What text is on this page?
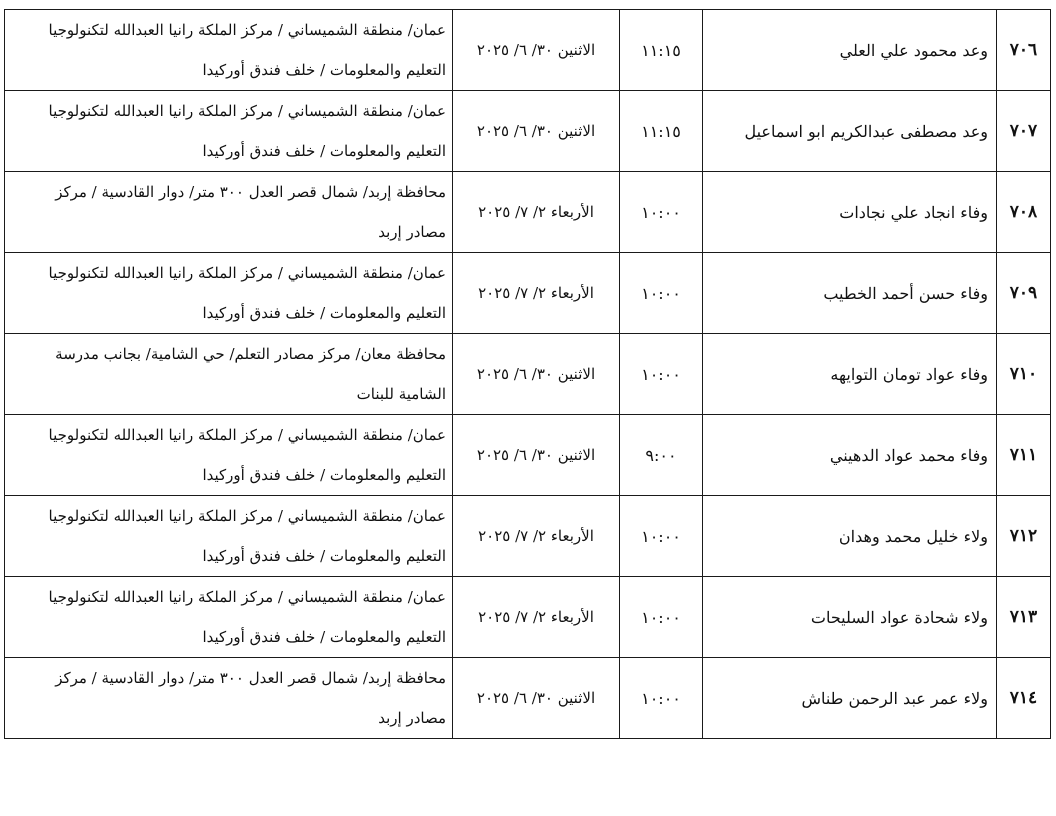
٧٠٦	وعد محمود علي العلي	١١:١٥	الاثنين ٣٠/ ٦/ ٢٠٢٥	عمان/ منطقة الشميساني / مركز الملكة رانيا العبدالله لتكنولوجيا
التعليم والمعلومات / خلف فندق أوركيدا

٧٠٧	وعد مصطفى عبدالكريم ابو اسماعيل	١١:١٥	الاثنين ٣٠/ ٦/ ٢٠٢٥	عمان/ منطقة الشميساني / مركز الملكة رانيا العبدالله لتكنولوجيا
التعليم والمعلومات / خلف فندق أوركيدا

٧٠٨	وفاء انجاد علي نجادات	١٠:٠٠	الأربعاء ٢/ ٧/ ٢٠٢٥	محافظة إربد/ شمال قصر العدل ٣٠٠ متر/ دوار القادسية / مركز
مصادر إربد

٧٠٩	وفاء حسن أحمد الخطيب	١٠:٠٠	الأربعاء ٢/ ٧/ ٢٠٢٥	عمان/ منطقة الشميساني / مركز الملكة رانيا العبدالله لتكنولوجيا
التعليم والمعلومات / خلف فندق أوركيدا

٧١٠	وفاء عواد تومان التوايهه	١٠:٠٠	الاثنين ٣٠/ ٦/ ٢٠٢٥	محافظة معان/ مركز مصادر التعلم/ حي الشامية/ بجانب مدرسة
الشامية للبنات

٧١١	وفاء محمد عواد الدهيني	٩:٠٠	الاثنين ٣٠/ ٦/ ٢٠٢٥	عمان/ منطقة الشميساني / مركز الملكة رانيا العبدالله لتكنولوجيا
التعليم والمعلومات / خلف فندق أوركيدا

٧١٢	ولاء خليل محمد وهدان	١٠:٠٠	الأربعاء ٢/ ٧/ ٢٠٢٥	عمان/ منطقة الشميساني / مركز الملكة رانيا العبدالله لتكنولوجيا
التعليم والمعلومات / خلف فندق أوركيدا

٧١٣	ولاء شحادة عواد السليحات	١٠:٠٠	الأربعاء ٢/ ٧/ ٢٠٢٥	عمان/ منطقة الشميساني / مركز الملكة رانيا العبدالله لتكنولوجيا
التعليم والمعلومات / خلف فندق أوركيدا

٧١٤	ولاء عمر عبد الرحمن طناش	١٠:٠٠	الاثنين ٣٠/ ٦/ ٢٠٢٥	محافظة إربد/ شمال قصر العدل ٣٠٠ متر/ دوار القادسية / مركز
مصادر إربد
